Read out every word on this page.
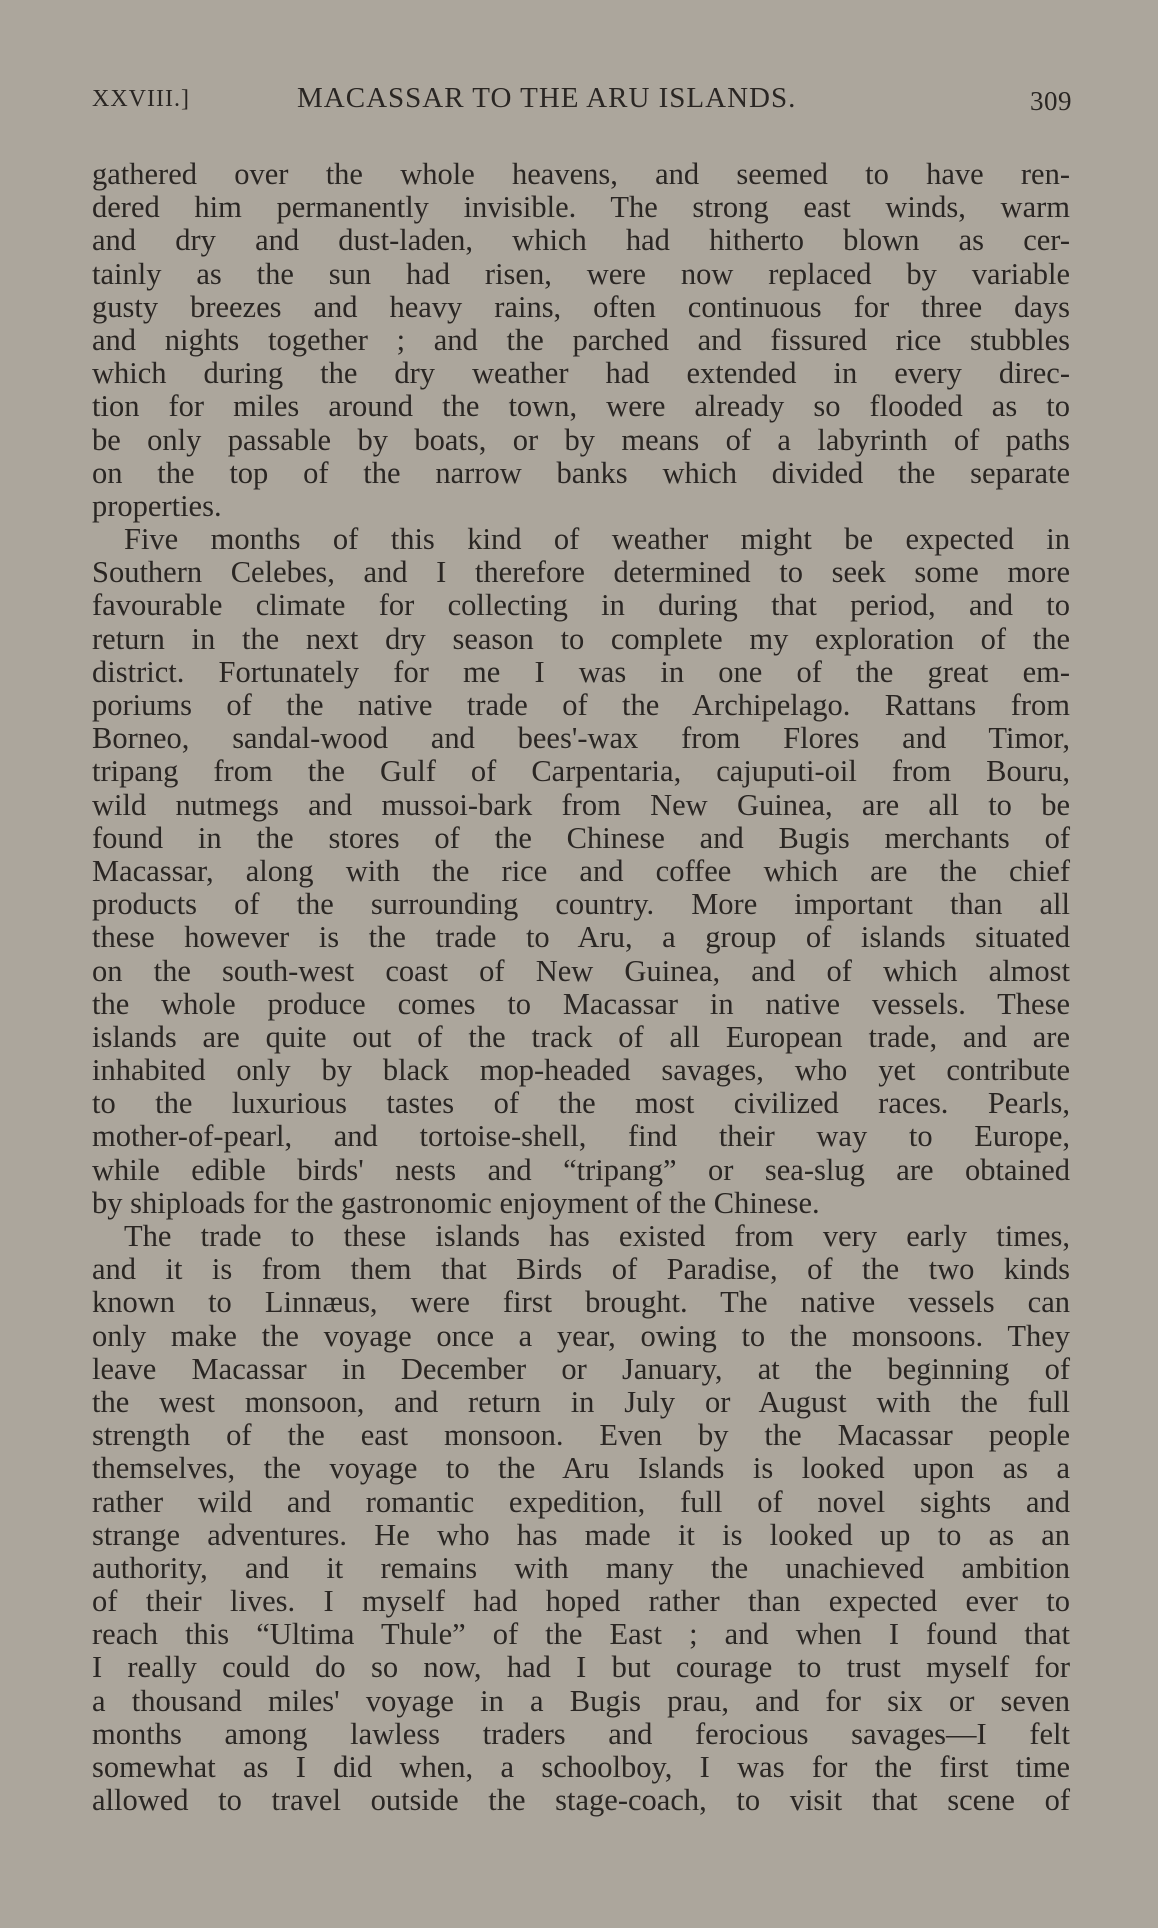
XXVIII.]	MACASSAR TO THE ARU ISLANDS.	309
gathered over the whole heavens, and seemed to have ren-
dered him permanently invisible. The strong east winds, warm
and dry and dust-laden, which had hitherto blown as cer-
tainly as the sun had risen, were now replaced by variable
gusty breezes and heavy rains, often continuous for three days
and nights together ; and the parched and fissured rice stubbles
which during the dry weather had extended in every direc-
tion for miles around the town, were already so flooded as to
be only passable by boats, or by means of a labyrinth of paths
on the top of the narrow banks which divided the separate
properties.
Five months of this kind of weather might be expected in
Southern Celebes, and I therefore determined to seek some more
favourable climate for collecting in during that period, and to
return in the next dry season to complete my exploration of the
district. Fortunately for me I was in one of the great em-
poriums of the native trade of the Archipelago. Rattans from
Borneo, sandal-wood and bees'-wax from Flores and Timor,
tripang from the Gulf of Carpentaria, cajuputi-oil from Bouru,
wild nutmegs and mussoi-bark from New Guinea, are all to be
found in the stores of the Chinese and Bugis merchants of
Macassar, along with the rice and coffee which are the chief
products of the surrounding country. More important than all
these however is the trade to Aru, a group of islands situated
on the south-west coast of New Guinea, and of which almost
the whole produce comes to Macassar in native vessels. These
islands are quite out of the track of all European trade, and are
inhabited only by black mop-headed savages, who yet contribute
to the luxurious tastes of the most civilized races. Pearls,
mother-of-pearl, and tortoise-shell, find their way to Europe,
while edible birds' nests and “tripang” or sea-slug are obtained
by shiploads for the gastronomic enjoyment of the Chinese.
The trade to these islands has existed from very early times,
and it is from them that Birds of Paradise, of the two kinds
known to Linnæus, were first brought. The native vessels can
only make the voyage once a year, owing to the monsoons. They
leave Macassar in December or January, at the beginning of
the west monsoon, and return in July or August with the full
strength of the east monsoon. Even by the Macassar people
themselves, the voyage to the Aru Islands is looked upon as a
rather wild and romantic expedition, full of novel sights and
strange adventures. He who has made it is looked up to as an
authority, and it remains with many the unachieved ambition
of their lives. I myself had hoped rather than expected ever to
reach this “Ultima Thule” of the East ; and when I found that
I really could do so now, had I but courage to trust myself for
a thousand miles' voyage in a Bugis prau, and for six or seven
months among lawless traders and ferocious savages—I felt
somewhat as I did when, a schoolboy, I was for the first time
allowed to travel outside the stage-coach, to visit that scene of
